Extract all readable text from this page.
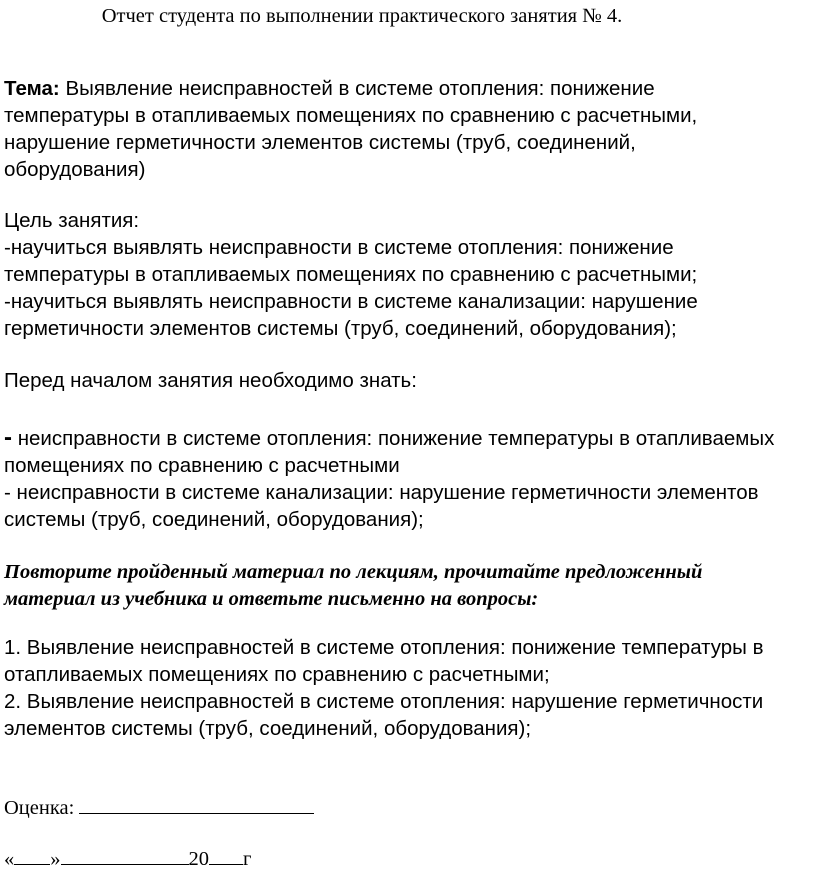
Отчет студента по выполнении практического занятия № 4.

Тема: Выявление неисправностей в системе отопления: понижение
температуры в отапливаемых помещениях по сравнению с расчетными,
нарушение герметичности элементов системы (труб, соединений,
оборудования)
Цель занятия:
-научиться выявлять неисправности в системе отопления: понижение
температуры в отапливаемых помещениях по сравнению с расчетными;
-научиться выявлять неисправности в системе канализации: нарушение
герметичности элементов системы (труб, соединений, оборудования);
Перед началом занятия необходимо знать:
- неисправности в системе отопления: понижение температуры в отапливаемых
помещениях по сравнению с расчетными
- неисправности в системе канализации: нарушение герметичности элементов
системы (труб, соединений, оборудования);
Повторите пройденный материал по лекциям, прочитайте предложенный
материал из учебника и ответьте письменно на вопросы:
1. Выявление неисправностей в системе отопления: понижение температуры в
отапливаемых помещениях по сравнению с расчетными;
2. Выявление неисправностей в системе отопления: нарушение герметичности
элементов системы (труб, соединений, оборудования);
Оценка:
« »	20 г
